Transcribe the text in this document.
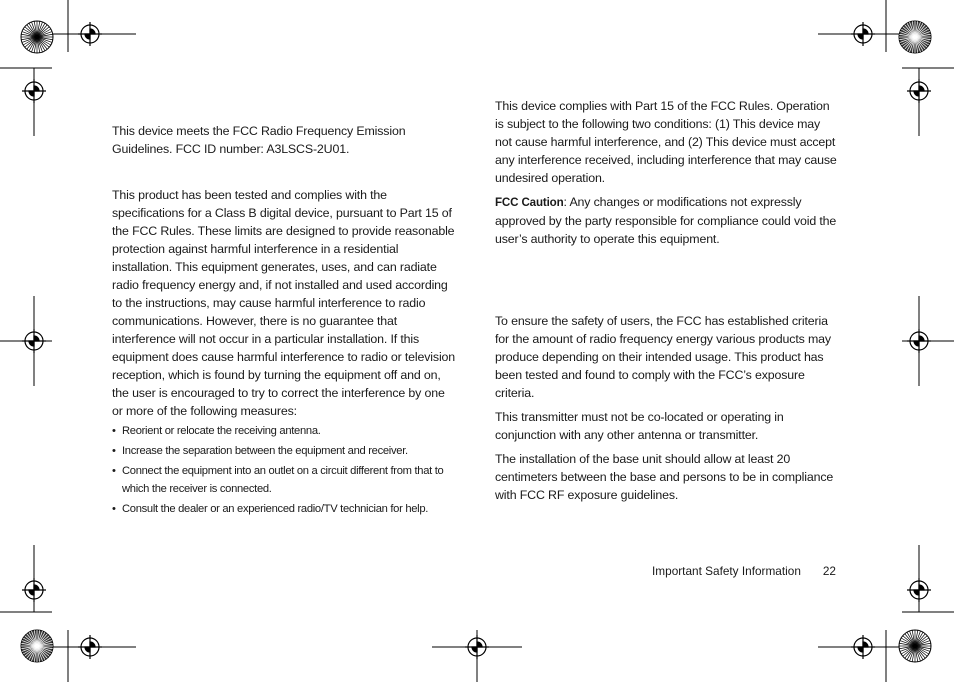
This device meets the FCC Radio Frequency Emission Guidelines. FCC ID number: A3LSCS-2U01.

This product has been tested and complies with the specifications for a Class B digital device, pursuant to Part 15 of the FCC Rules. These limits are designed to provide reasonable protection against harmful interference in a residential installation. This equipment generates, uses, and can radiate radio frequency energy and, if not installed and used according to the instructions, may cause harmful interference to radio communications. However, there is no guarantee that interference will not occur in a particular installation. If this equipment does cause harmful interference to radio or television reception, which is found by turning the equipment off and on, the user is encouraged to try to correct the interference by one or more of the following measures:

• Reorient or relocate the receiving antenna.
• Increase the separation between the equipment and receiver.
• Connect the equipment into an outlet on a circuit different from that to which the receiver is connected.
• Consult the dealer or an experienced radio/TV technician for help.

This device complies with Part 15 of the FCC Rules. Operation is subject to the following two conditions: (1) This device may not cause harmful interference, and (2) This device must accept any interference received, including interference that may cause undesired operation.

FCC Caution: Any changes or modifications not expressly approved by the party responsible for compliance could void the user’s authority to operate this equipment.

To ensure the safety of users, the FCC has established criteria for the amount of radio frequency energy various products may produce depending on their intended usage. This product has been tested and found to comply with the FCC’s exposure criteria.

This transmitter must not be co-located or operating in conjunction with any other antenna or transmitter.

The installation of the base unit should allow at least 20 centimeters between the base and persons to be in compliance with FCC RF exposure guidelines.

Important Safety Information 22
